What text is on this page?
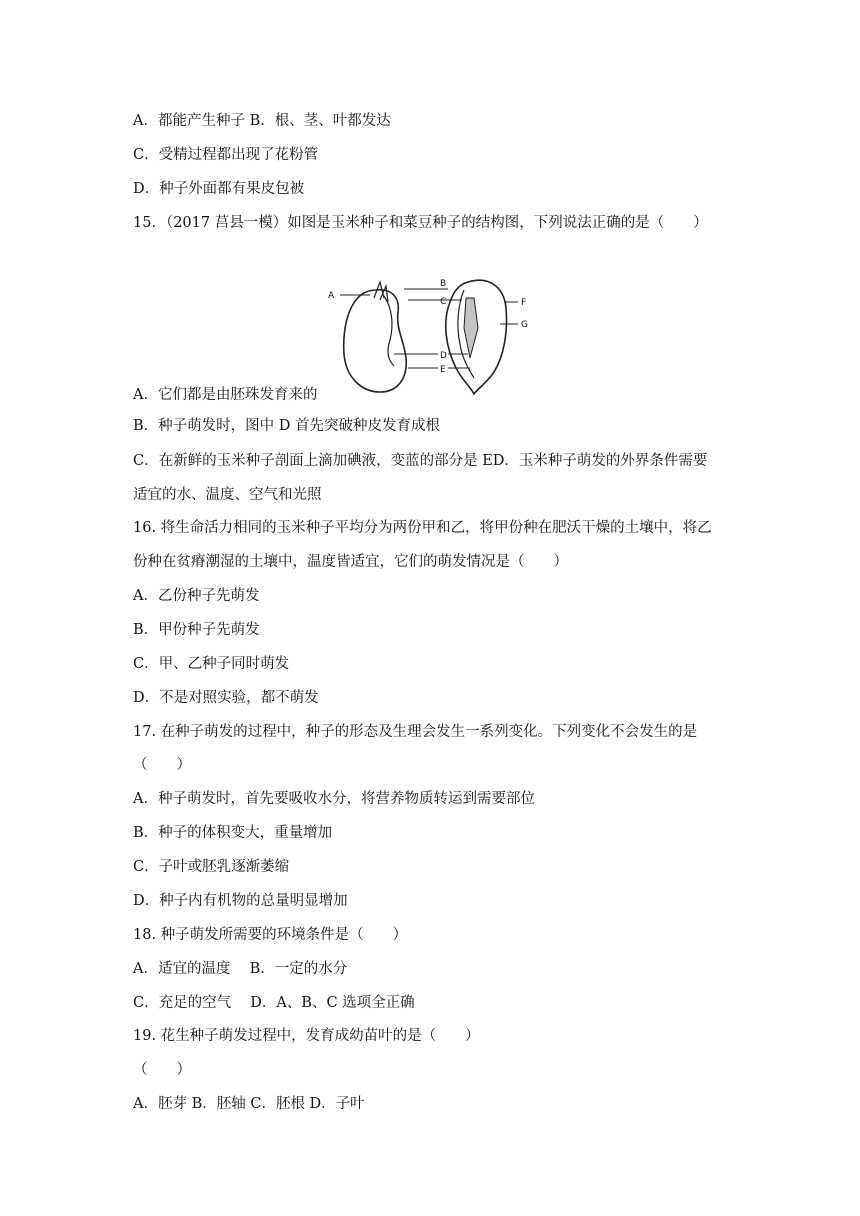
A．都能产生种子 B．根、茎、叶都发达
C．受精过程都出现了花粉管
D．种子外面都有果皮包被
15．（2017 莒县一模）如图是玉米种子和菜豆种子的结构图，下列说法正确的是（　　）
A
B
C
D
E
F
G
A．它们都是由胚珠发育来的
B．种子萌发时，图中 D 首先突破种皮发育成根
C．在新鲜的玉米种子剖面上滴加碘液，变蓝的部分是 ED．玉米种子萌发的外界条件需要
适宜的水、温度、空气和光照
16. 将生命活力相同的玉米种子平均分为两份甲和乙，将甲份种在肥沃干燥的土壤中，将乙
份种在贫瘠潮湿的土壤中，温度皆适宜，它们的萌发情况是（　　）
A．乙份种子先萌发
B．甲份种子先萌发
C．甲、乙种子同时萌发
D．不是对照实验，都不萌发
17. 在种子萌发的过程中，种子的形态及生理会发生一系列变化。下列变化不会发生的是
（　　）
A．种子萌发时，首先要吸收水分，将营养物质转运到需要部位
B．种子的体积变大，重量增加
C．子叶或胚乳逐渐萎缩
D．种子内有机物的总量明显增加
18. 种子萌发所需要的环境条件是（　　）
A．适宜的温度　 B．一定的水分
C．充足的空气　 D．A、B、C 选项全正确
19. 花生种子萌发过程中，发育成幼苗叶的是（　　）
（　　）
A．胚芽 B．胚轴 C．胚根 D．子叶
